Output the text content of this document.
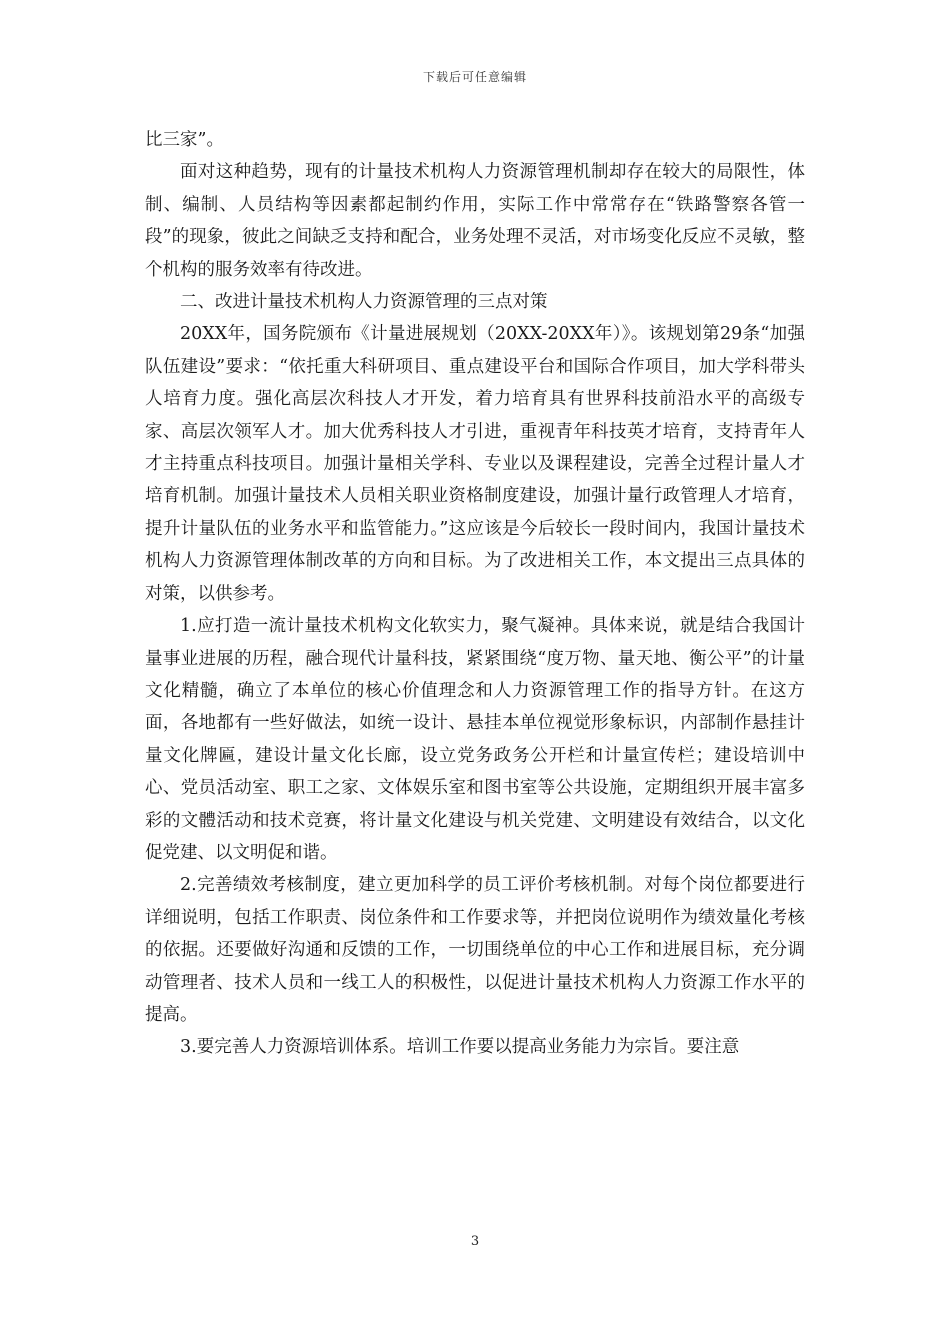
下载后可任意编辑

比三家”。

面对这种趋势，现有的计量技术机构人力资源管理机制却存在较大的局限性，体制、编制、人员结构等因素都起制约作用，实际工作中常常存在“铁路警察各管一段”的现象，彼此之间缺乏支持和配合，业务处理不灵活，对市场变化反应不灵敏，整个机构的服务效率有待改进。

二、改进计量技术机构人力资源管理的三点对策

20XX年，国务院颁布《计量进展规划（20XX-20XX年）》。该规划第29条“加强队伍建设”要求：“依托重大科研项目、重点建设平台和国际合作项目，加大学科带头人培育力度。强化高层次科技人才开发，着力培育具有世界科技前沿水平的高级专家、高层次领军人才。加大优秀科技人才引进，重视青年科技英才培育，支持青年人才主持重点科技项目。加强计量相关学科、专业以及课程建设，完善全过程计量人才培育机制。加强计量技术人员相关职业资格制度建设，加强计量行政管理人才培育，提升计量队伍的业务水平和监管能力。”这应该是今后较长一段时间内，我国计量技术机构人力资源管理体制改革的方向和目标。为了改进相关工作，本文提出三点具体的对策，以供参考。

1.应打造一流计量技术机构文化软实力，聚气凝神。具体来说，就是结合我国计量事业进展的历程，融合现代计量科技，紧紧围绕“度万物、量天地、衡公平”的计量文化精髓，确立了本单位的核心价值理念和人力资源管理工作的指导方针。在这方面，各地都有一些好做法，如统一设计、悬挂本单位视觉形象标识，内部制作悬挂计量文化牌匾，建设计量文化长廊，设立党务政务公开栏和计量宣传栏；建设培训中心、党员活动室、职工之家、文体娱乐室和图书室等公共设施，定期组织开展丰富多彩的文體活动和技术竞赛，将计量文化建设与机关党建、文明建设有效结合，以文化促党建、以文明促和谐。

2.完善绩效考核制度，建立更加科学的员工评价考核机制。对每个岗位都要进行详细说明，包括工作职责、岗位条件和工作要求等，并把岗位说明作为绩效量化考核的依据。还要做好沟通和反馈的工作，一切围绕单位的中心工作和进展目标，充分调动管理者、技术人员和一线工人的积极性，以促进计量技术机构人力资源工作水平的提高。

3.要完善人力资源培训体系。培训工作要以提高业务能力为宗旨。要注意

3
